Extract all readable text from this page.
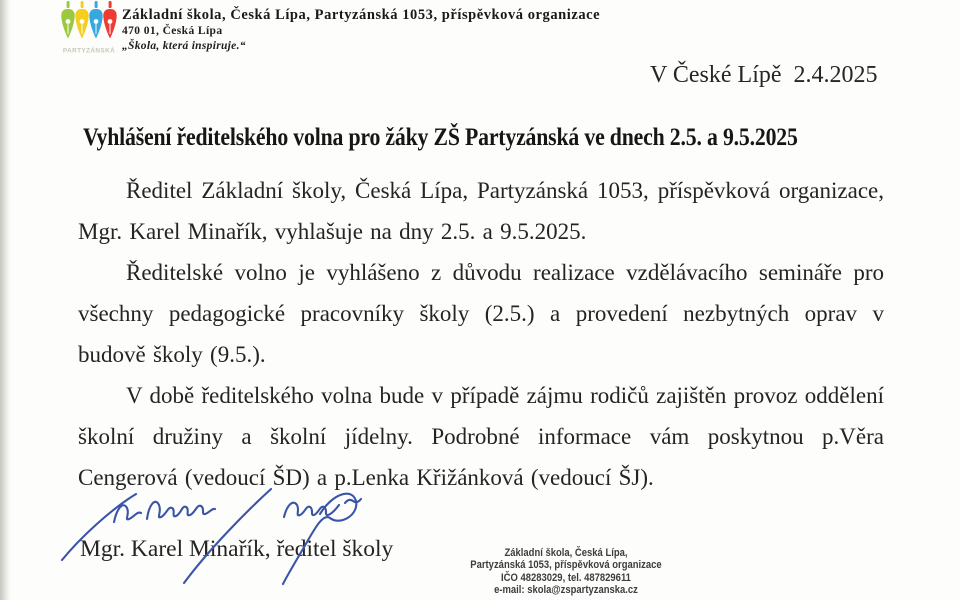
PARTYZÁNSKÁ
Základní škola, Česká Lípa, Partyzánská 1053, příspěvková organizace
470 01, Česká Lípa
„Škola, která inspiruje.“
V České Lípě  2.4.2025
Vyhlášení ředitelského volna pro žáky ZŠ Partyzánská ve dnech 2.5. a 9.5.2025

Ředitel Základní školy, Česká Lípa, Partyzánská 1053, příspěvková organizace, Mgr. Karel Minařík, vyhlašuje na dny 2.5. a 9.5.2025.

Ředitelské volno je vyhlášeno z důvodu realizace vzdělávacího semináře pro všechny pedagogické pracovníky školy (2.5.) a provedení nezbytných oprav v budově školy (9.5.).

V době ředitelského volna bude v případě zájmu rodičů zajištěn provoz oddělení školní družiny a školní jídelny. Podrobné informace vám poskytnou p.Věra Cengerová (vedoucí ŠD) a p.Lenka Křižánková (vedoucí ŠJ).

Mgr. Karel Minařík, ředitel školy	Základní škola, Česká Lípa,
Partyzánská 1053, příspěvková organizace
IČO 48283029, tel. 487829611
e-mail: skola@zspartyzanska.cz
